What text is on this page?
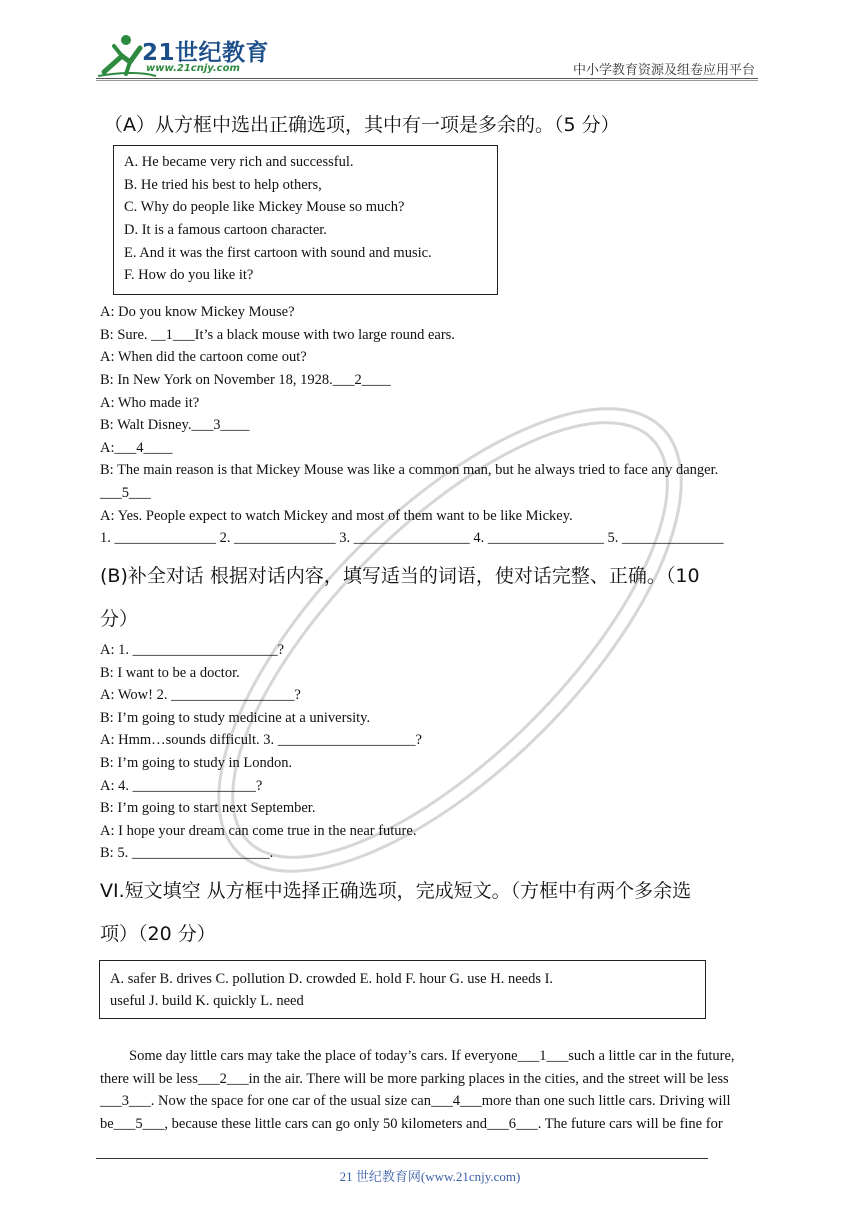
21世纪教育
www.21cnjy.com	中小学教育资源及组卷应用平台
（A）从方框中选出正确选项，其中有一项是多余的。（5 分）
A. He became very rich and successful.
B. He tried his best to help others,
C. Why do people like Mickey Mouse so much?
D. It is a famous cartoon character.
E. And it was the first cartoon with sound and music.
F. How do you like it?
A: Do you know Mickey Mouse?
B: Sure. __1___It’s a black mouse with two large round ears.
A: When did the cartoon come out?
B: In New York on November 18, 1928.___2____
A: Who made it?
B: Walt Disney.___3____
A:___4____
B: The main reason is that Mickey Mouse was like a common man, but he always tried to face any danger.
___5___
A: Yes. People expect to watch Mickey and most of them want to be like Mickey.
1. ______________ 2. ______________ 3. ________________ 4. ________________ 5. ______________
(B)补全对话 根据对话内容，填写适当的词语，使对话完整、正确。（10
分）
A: 1. ____________________?
B: I want to be a doctor.
A: Wow! 2. _________________?
B: I’m going to study medicine at a university.
A: Hmm…sounds difficult. 3. ___________________?
B: I’m going to study in London.
A: 4. _________________?
B: I’m going to start next September.
A: I hope your dream can come true in the near future.
B: 5. ___________________.
VI.短文填空 从方框中选择正确选项，完成短文。（方框中有两个多余选
项）（20 分）
A. safer B. drives C. pollution D. crowded E. hold F. hour G. use H. needs I.
useful J. build K. quickly L. need
Some day little cars may take the place of today’s cars. If everyone___1___such a little car in the future,
there will be less___2___in the air. There will be more parking places in the cities, and the street will be less
___3___. Now the space for one car of the usual size can___4___more than one such little cars. Driving will
be___5___, because these little cars can go only 50 kilometers and___6___. The future cars will be fine for
21 世纪教育网(www.21cnjy.com)
